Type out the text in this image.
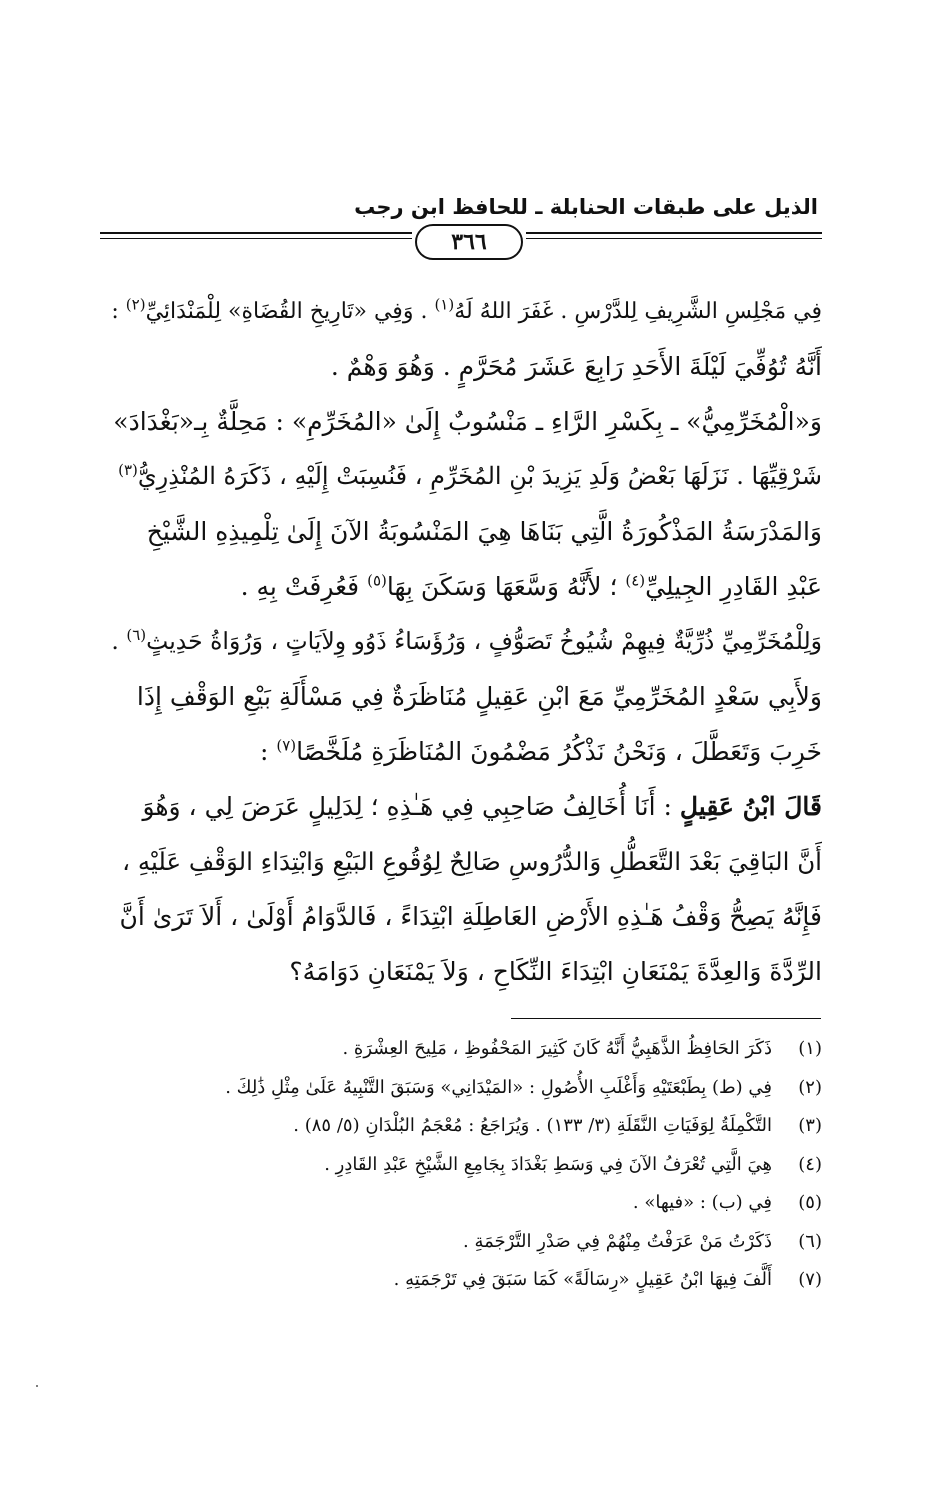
الذيل على طبقات الحنابلة ـ للحافظ ابن رجب
٣٦٦
فِي مَجْلِسِ الشَّرِيفِ لِلدَّرْسِ . غَفَرَ اللهُ لَهُ$^{(١)}$ . وَفِي «تَارِيخِ القُضَاةِ» لِلْمَنْدَائِيِّ$^{(٢)}$ :
أَنَّهُ تُوُفِّيَ لَيْلَةَ الأَحَدِ رَابِعَ عَشَرَ مُحَرَّمٍ . وَهُوَ وَهْمٌ .
وَ«الْمُخَرِّمِيُّ» ـ بِكَسْرِ الرَّاءِ ـ مَنْسُوبٌ إِلَىٰ «المُخَرِّمِ» : مَحِلَّةٌ بِـ«بَغْدَادَ»
شَرْقِيِّهَا . نَزَلَهَا بَعْضُ وَلَدِ يَزِيدَ بْنِ المُخَرِّمِ ، فَنُسِبَتْ إِلَيْهِ ، ذَكَرَهُ المُنْذِرِيُّ$^{(٣)}$
وَالمَدْرَسَةُ المَذْكُورَةُ الَّتِي بَنَاهَا هِيَ المَنْسُوبَةُ الآنَ إِلَىٰ تِلْمِيذِهِ الشَّيْخِ
عَبْدِ القَادِرِ الجِيلِيِّ$^{(٤)}$ ؛ لأَنَّهُ وَسَّعَهَا وَسَكَنَ بِهَا$^{(٥)}$ فَعُرِفَتْ بِهِ .
وَلِلْمُخَرِّمِيِّ ذُرِّيَّةٌ فِيهِمْ شُيُوخُ تَصَوُّفٍ ، وَرُؤَسَاءُ ذَوُو وِلاَيَاتٍ ، وَرُوَاةُ حَدِيثٍ$^{(٦)}$ .
وَلأَبِي سَعْدٍ المُخَرِّمِيِّ مَعَ ابْنِ عَقِيلٍ مُنَاظَرَةٌ فِي مَسْأَلَةِ بَيْعِ الوَقْفِ إِذَا
خَرِبَ وَتَعَطَّلَ ، وَنَحْنُ نَذْكُرُ مَضْمُونَ المُنَاظَرَةِ مُلَخَّصًا$^{(٧)}$ :
قَالَ ابْنُ عَقِيلٍ : أَنَا أُخَالِفُ صَاحِبِي فِي هَـٰذِهِ ؛ لِدَلِيلٍ عَرَضَ لِي ، وَهُوَ
أَنَّ البَاقِيَ بَعْدَ التَّعَطُّلِ وَالدُّرُوسِ صَالِحٌ لِوُقُوعِ البَيْعِ وَابْتِدَاءِ الوَقْفِ عَلَيْهِ ،
فَإِنَّهُ يَصِحُّ وَقْفُ هَـٰذِهِ الأَرْضِ العَاطِلَةِ ابْتِدَاءً ، فَالدَّوَامُ أَوْلَىٰ ، أَلاَ تَرَىٰ أَنَّ
الرِّدَّةَ وَالعِدَّةَ يَمْنَعَانِ ابْتِدَاءَ النِّكَاحِ ، وَلاَ يَمْنَعَانِ دَوَامَهُ؟
(١)
ذَكَرَ الحَافِظُ الذَّهَبِيُّ أَنَّهُ كَانَ كَثِيرَ المَحْفُوظِ ، مَلِيحَ العِشْرَةِ .
(٢)
فِي (ط) بِطَبْعَتَيْهِ وَأَغْلَبِ الأُصُولِ : «المَيْدَانِي» وَسَبَقَ التَّنْبِيهُ عَلَىٰ مِثْلِ ذَٰلِكَ .
(٣)
التَّكْمِلَةُ لِوَفَيَاتِ النَّقَلَةِ (٣/ ١٣٣) . وَيُرَاجَعُ : مُعْجَمُ البُلْدَانِ (٥/ ٨٥) .
(٤)
هِيَ الَّتِي تُعْرَفُ الآنَ فِي وَسَطِ بَغْدَادَ بِجَامِعِ الشَّيْخِ عَبْدِ القَادِرِ .
(٥)
فِي (ب) : «فيها» .
(٦)
ذَكَرْتُ مَنْ عَرَفْتُ مِنْهُمْ فِي صَدْرِ التَّرْجَمَةِ .
(٧)
أَلَّفَ فِيهَا ابْنُ عَقِيلٍ «رِسَالَةً» كَمَا سَبَقَ فِي تَرْجَمَتِهِ .
